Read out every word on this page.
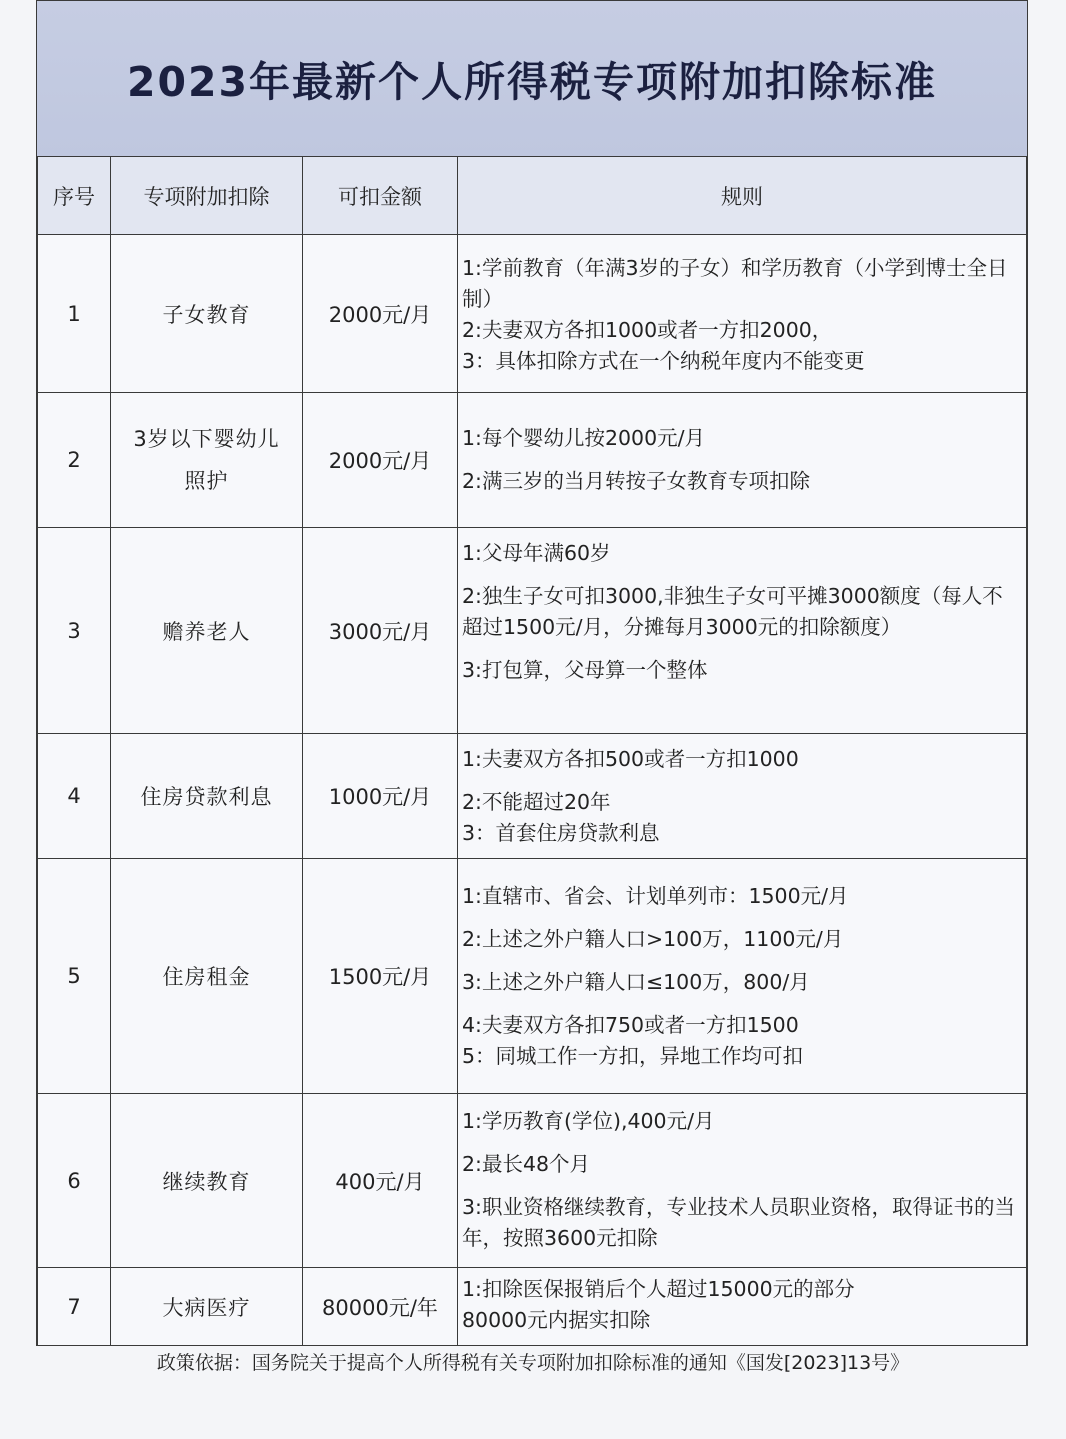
2023年最新个人所得税专项附加扣除标准
序号	专项附加扣除	可扣金额	规则
1	子女教育	2000元/月	1:学前教育（年满3岁的子女）和学历教育（小学到博士全日制）
2:夫妻双方各扣1000或者一方扣2000，
3：具体扣除方式在一个纳税年度内不能变更

2	3岁以下婴幼儿照护	2000元/月	1:每个婴幼儿按2000元/月
2:满三岁的当月转按子女教育专项扣除

3	赡养老人	3000元/月	1:父母年满60岁
2:独生子女可扣3000,非独生子女可平摊3000额度（每人不超过1500元/月，分摊每月3000元的扣除额度）
3:打包算，父母算一个整体

4	住房贷款利息	1000元/月	1:夫妻双方各扣500或者一方扣1000
2:不能超过20年
3：首套住房贷款利息

5	住房租金	1500元/月	1:直辖市、省会、计划单列市：1500元/月
2:上述之外户籍人口>100万，1100元/月
3:上述之外户籍人口≤100万，800/月
4:夫妻双方各扣750或者一方扣1500
5：同城工作一方扣，异地工作均可扣

6	继续教育	400元/月	1:学历教育(学位),400元/月
2:最长48个月
3:职业资格继续教育，专业技术人员职业资格，取得证书的当年，按照3600元扣除

7	大病医疗	80000元/年	1:扣除医保报销后个人超过15000元的部分
80000元内据实扣除
政策依据：国务院关于提高个人所得税有关专项附加扣除标准的通知《国发[2023]13号》
